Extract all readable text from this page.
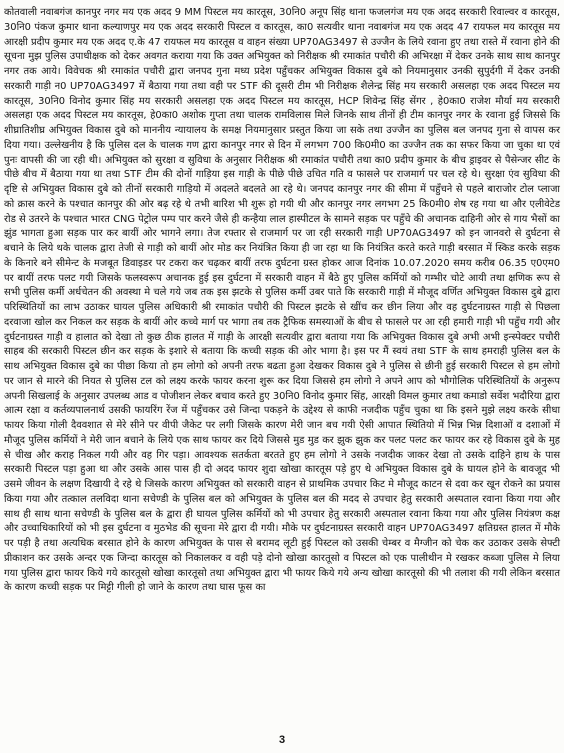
कोतवाली नवाबगंज कानपुर नगर मय एक अदद 9 MM पिस्टल मय कारतूस, 30नि0 अनूप सिंह थाना फजलगंज मय एक अदद सरकारी रिवाल्वर व कारतूस, 30नि0 पंकज कुमार थाना कल्याणपुर मय एक अदद सरकारी पिस्टल व कारतूस, का0 सत्यवीर थाना नवाबगंज मय एक अदद 47 रायफल मय कारतूस मय आरक्षी प्रदीप कुमार मय एक अदद ए.के 47 रायफल मय कारतूस व वाहन संख्या UP70AG3497 से उज्जैन के लिये रवाना हुए तथा रास्ते में रवाना होने की सूचना मुझ पुलिस उपाधीक्षक को देकर अवगत कराया गया कि उक्त अभियुक्त को निरीक्षक श्री रमाकांत पचौरी की अभिरक्षा में देकर उनके साथ साथ कानपुर नगर तक आये। विवेचक श्री रमाकांत पचौरी द्वारा जनपद गुना मध्य प्रदेश पहुँचकर अभियुक्त विकास दुबे को नियमानुसार उनकी सुपुर्दगी में देकर उनकी सरकारी गाड़ी न0 UP70AG3497 में बैठाया गया तथा वही पर STF की दूसरी टीम भी निरीक्षक शैलेन्द्र सिंह मय सरकारी असलहा एक अदद पिस्टल मय कारतूस, 30नि0 विनोद कुमार सिंह मय सरकारी असलहा एक अदद पिस्टल मय कारतूस, HCP शिवेन्द्र सिंह सेंगर , हे0का0 राजेश मौर्या मय सरकारी असलहा एक अदद पिस्टल मय कारतूस, हे0का0 अशोक गुप्ता तथा चालक रामविलास मिले जिनके साथ तीनों ही टीम कानपुर नगर के रवाना हुई जिससे कि शीघ्रातिशीघ्र अभियुक्त विकास दुबे को माननीय न्यायालय के समक्ष नियमानुसार प्रस्तुत किया जा सके तथा उज्जैन का पुलिस बल जनपद गुना से वापस कर दिया गया। उल्लेखनीय है कि पुलिस दल के चालक गण द्वारा कानपुर नगर से दिन में लगभग 700 कि0मी0 का उज्जैन तक का सफर किया जा चुका था एवं पुनः वापसी की जा रही थी। अभियुक्त को सुरक्षा व सुविधा के अनुसार निरीक्षक श्री रमाकांत पचौरी तथा का0 प्रदीप कुमार के बीच ड्राइवर से पैसेन्जर सीट के पीछे बीच में बैठाया गया था तथा STF टीम की दोनों गाड़िया इस गाड़ी के पीछे पीछे उचित गति व फासले पर राजमार्ग पर चल रहे थे। सुरक्षा एंव सुविधा की दृष्टि से अभियुक्त विकास दुबे को तीनों सरकारी गाड़ियो में अदलते बदलते आ रहे थे। जनपद कानपुर नगर की सीमा में पहुँचने से पहले बाराजोर टोल प्लाजा को क्रास करने के पश्चात कानपुर की ओर बढ़ रहे थे तभी बारिश भी शुरू हो गयी थी और कानपुर नगर लगभग 25 कि0मी0 शेष रह गया था और एलीवेटेड रोड से उतरने के पश्चात भारत CNG पेट्रोल पम्प पार करने जैसे ही कन्हैया लाल हास्पीटल के सामने सड़क पर पहुँचे की अचानक दाहिनी ओर से गाय भैसों का झुंड भागता हुआ सड़क पार कर बायीं ओर भागने लगा। तेज रफ्तार से राजमार्ग पर जा रही सरकारी गाड़ी UP70AG3497 को इन जानवरो से दुर्घटना से बचाने के लिये थके चालक द्वारा तेजी से गाड़ी को बायीं ओर मोड कर नियंत्रित किया ही जा रहा था कि नियंत्रित करते करते गाड़ी बरसात में स्किड करके सड़क के किनारे बने सीमेन्ट के मजबूत डिवाइडर पर टकरा कर चढ़कर बायीं तरफ दुर्घटना ग्रस्त होकर आज दिनांक 10.07.2020 समय करीब 06.35 ए0एम0 पर बायीं तरफ पलट गयी जिसके फलस्वरूप अचानक हुई इस दुर्घटना में सरकारी वाहन में बैठे हुए पुलिस कर्मियों को गम्भीर चोटे आयी तथा क्षणिक रूप से सभी पुलिस कर्मी अर्धचेतन की अवस्था मे चले गये जब तक इस झटके से पुलिस कर्मी उबर पाते कि सरकारी गाड़ी में मौजूद वर्णित अभियुक्त विकास दुबे द्वारा परिस्थितियों का लाभ उठाकर घायल पुलिस अधिकारी श्री रमाकांत पचौरी की पिस्टल झटके से खींच कर छीन लिया और वह दुर्घटनाग्रस्त गाड़ी से पिछला दरवाजा खोल कर निकल कर सड़क के बायीं ओर कच्चे मार्ग पर भागा तब तक ट्रैफिक समस्याओं के बीच से फासले पर आ रही हमारी गाड़ी भी पहुँच गयी और दुर्घटनाग्रस्त गाड़ी व हालात को देखा तो कुछ ठीक हालत में गाड़ी के आरक्षी सत्यवीर द्वारा बताया गया कि अभियुक्त विकास दुबे अभी अभी इन्स्पेक्टर पचौरी साहब की सरकारी पिस्टल छीन कर सड़क के इशारे से बताया कि कच्ची सड़क की ओर भागा है। इस पर मैं स्वयं तथा STF के साथ हमराही पुलिस बल के साथ अभियुक्त विकास दुबे का पीछा किया तो हम लोगो को अपनी तरफ बढता हुआ देखकर विकास दुबे ने पुलिस से छीनी हुई सरकारी पिस्टल से हम लोगो पर जान से मारने की नियत से पुलिस टल को लक्ष्य करके फायर करना शुरू कर दिया जिससे हम लोगो ने अपने आप को भौगोलिक परिस्थितियों के अनुरूप अपनी सिखलाई के अनुसार उपलब्ध आड व पोजीशन लेकर बचाव करते हुए 30नि0 विनोद कुमार सिंह, आरक्षी विमल कुमार तथा कमाडो सर्वेश भदौरिया द्वारा आत्म रक्षा व कर्तव्यपालनार्थ उसकी फायरिंग रेंज में पहुँचकर उसे जिन्दा पकड़ने के उद्देश्य से काफी नजदीक पहुँच चुका था कि इसने मुझे लक्ष्य करके सीधा फायर किया गोली दैववशात से मेरे सीने पर वीपी जैकेट पर लगी जिसके कारण मेरी जान बच गयी ऐसी आपात स्थितियो में भिन्न भिन्न दिशाओं व दशाओं में मौजूद पुलिस कर्मियों ने मेरी जान बचाने के लिये एक साथ फायर कर दिये जिससे मुड मुड कर झुक झुक कर पलट पलट कर फायर कर रहे विकास दुबे के मुह से चीख और कराह निकल गयी और वह गिर पड़ा। आवश्यक सतर्कता बरतते हुए हम लोगो ने उसके नजदीक जाकर देखा तो उसके दाहिने हाथ के पास सरकारी पिस्टल पड़ा हुआ था और उसके आस पास ही दो अदद फायर शुदा खोखा कारतूस पड़े हुए थे अभियुक्त विकास दुबे के घायल होने के बावजूद भी उसमे जीवन के लक्षण दिखायी दे रहे थे जिसके कारण अभियुक्त को सरकारी वाहन से प्राथमिक उपचार किट मे मौजूद काटन से दवा कर खून रोकने का प्रयास किया गया और तत्काल तलविदा थाना सचेण्डी के पुलिस बल को अभियुक्त के पुलिस बल की मदद से उपचार हेतु सरकारी अस्पताल रवाना किया गया और साथ ही साथ थाना सचेण्डी के पुलिस बल के द्वारा ही घायल पुलिस कर्मियों को भी उपचार हेतु सरकारी अस्पताल रवाना किया गया और पुलिस नियंत्रण कक्ष और उच्चाधिकारियों को भी इस दुर्घटना व मुठभेड की सूचना मेरे द्वारा दी गयी। मौके पर दुर्घटनाग्रस्त सरकारी वाहन UP70AG3497 क्षतिग्रस्त हालत में मौके पर पड़ी है तथा अत्यधिक बरसात होने के कारण अभियुक्त के पास से बरामद लूटी हुई पिस्टल को उसकी चेम्बर व मैग्जीन को चेक कर उठाकर उसके सेफ्टी प्रीकाशन कर उसके अन्दर एक जिन्दा कारतूस को निकालकर व वही पड़े दोनो खोखा कारतूसो व पिस्टल को एक पालीथीन मे रखकर कब्जा पुलिस मे लिया गया पुलिस द्वारा फायर किये गये कारतूसो खोखा कारतूसो तथा अभियुक्त द्वारा भी फायर किये गये अन्य खोखा कारतूसो की भी तलाश की गयी लेकिन बरसात के कारण कच्ची सड़क पर मिट्टी गीली हो जाने के कारण तथा घास फूस का

3
